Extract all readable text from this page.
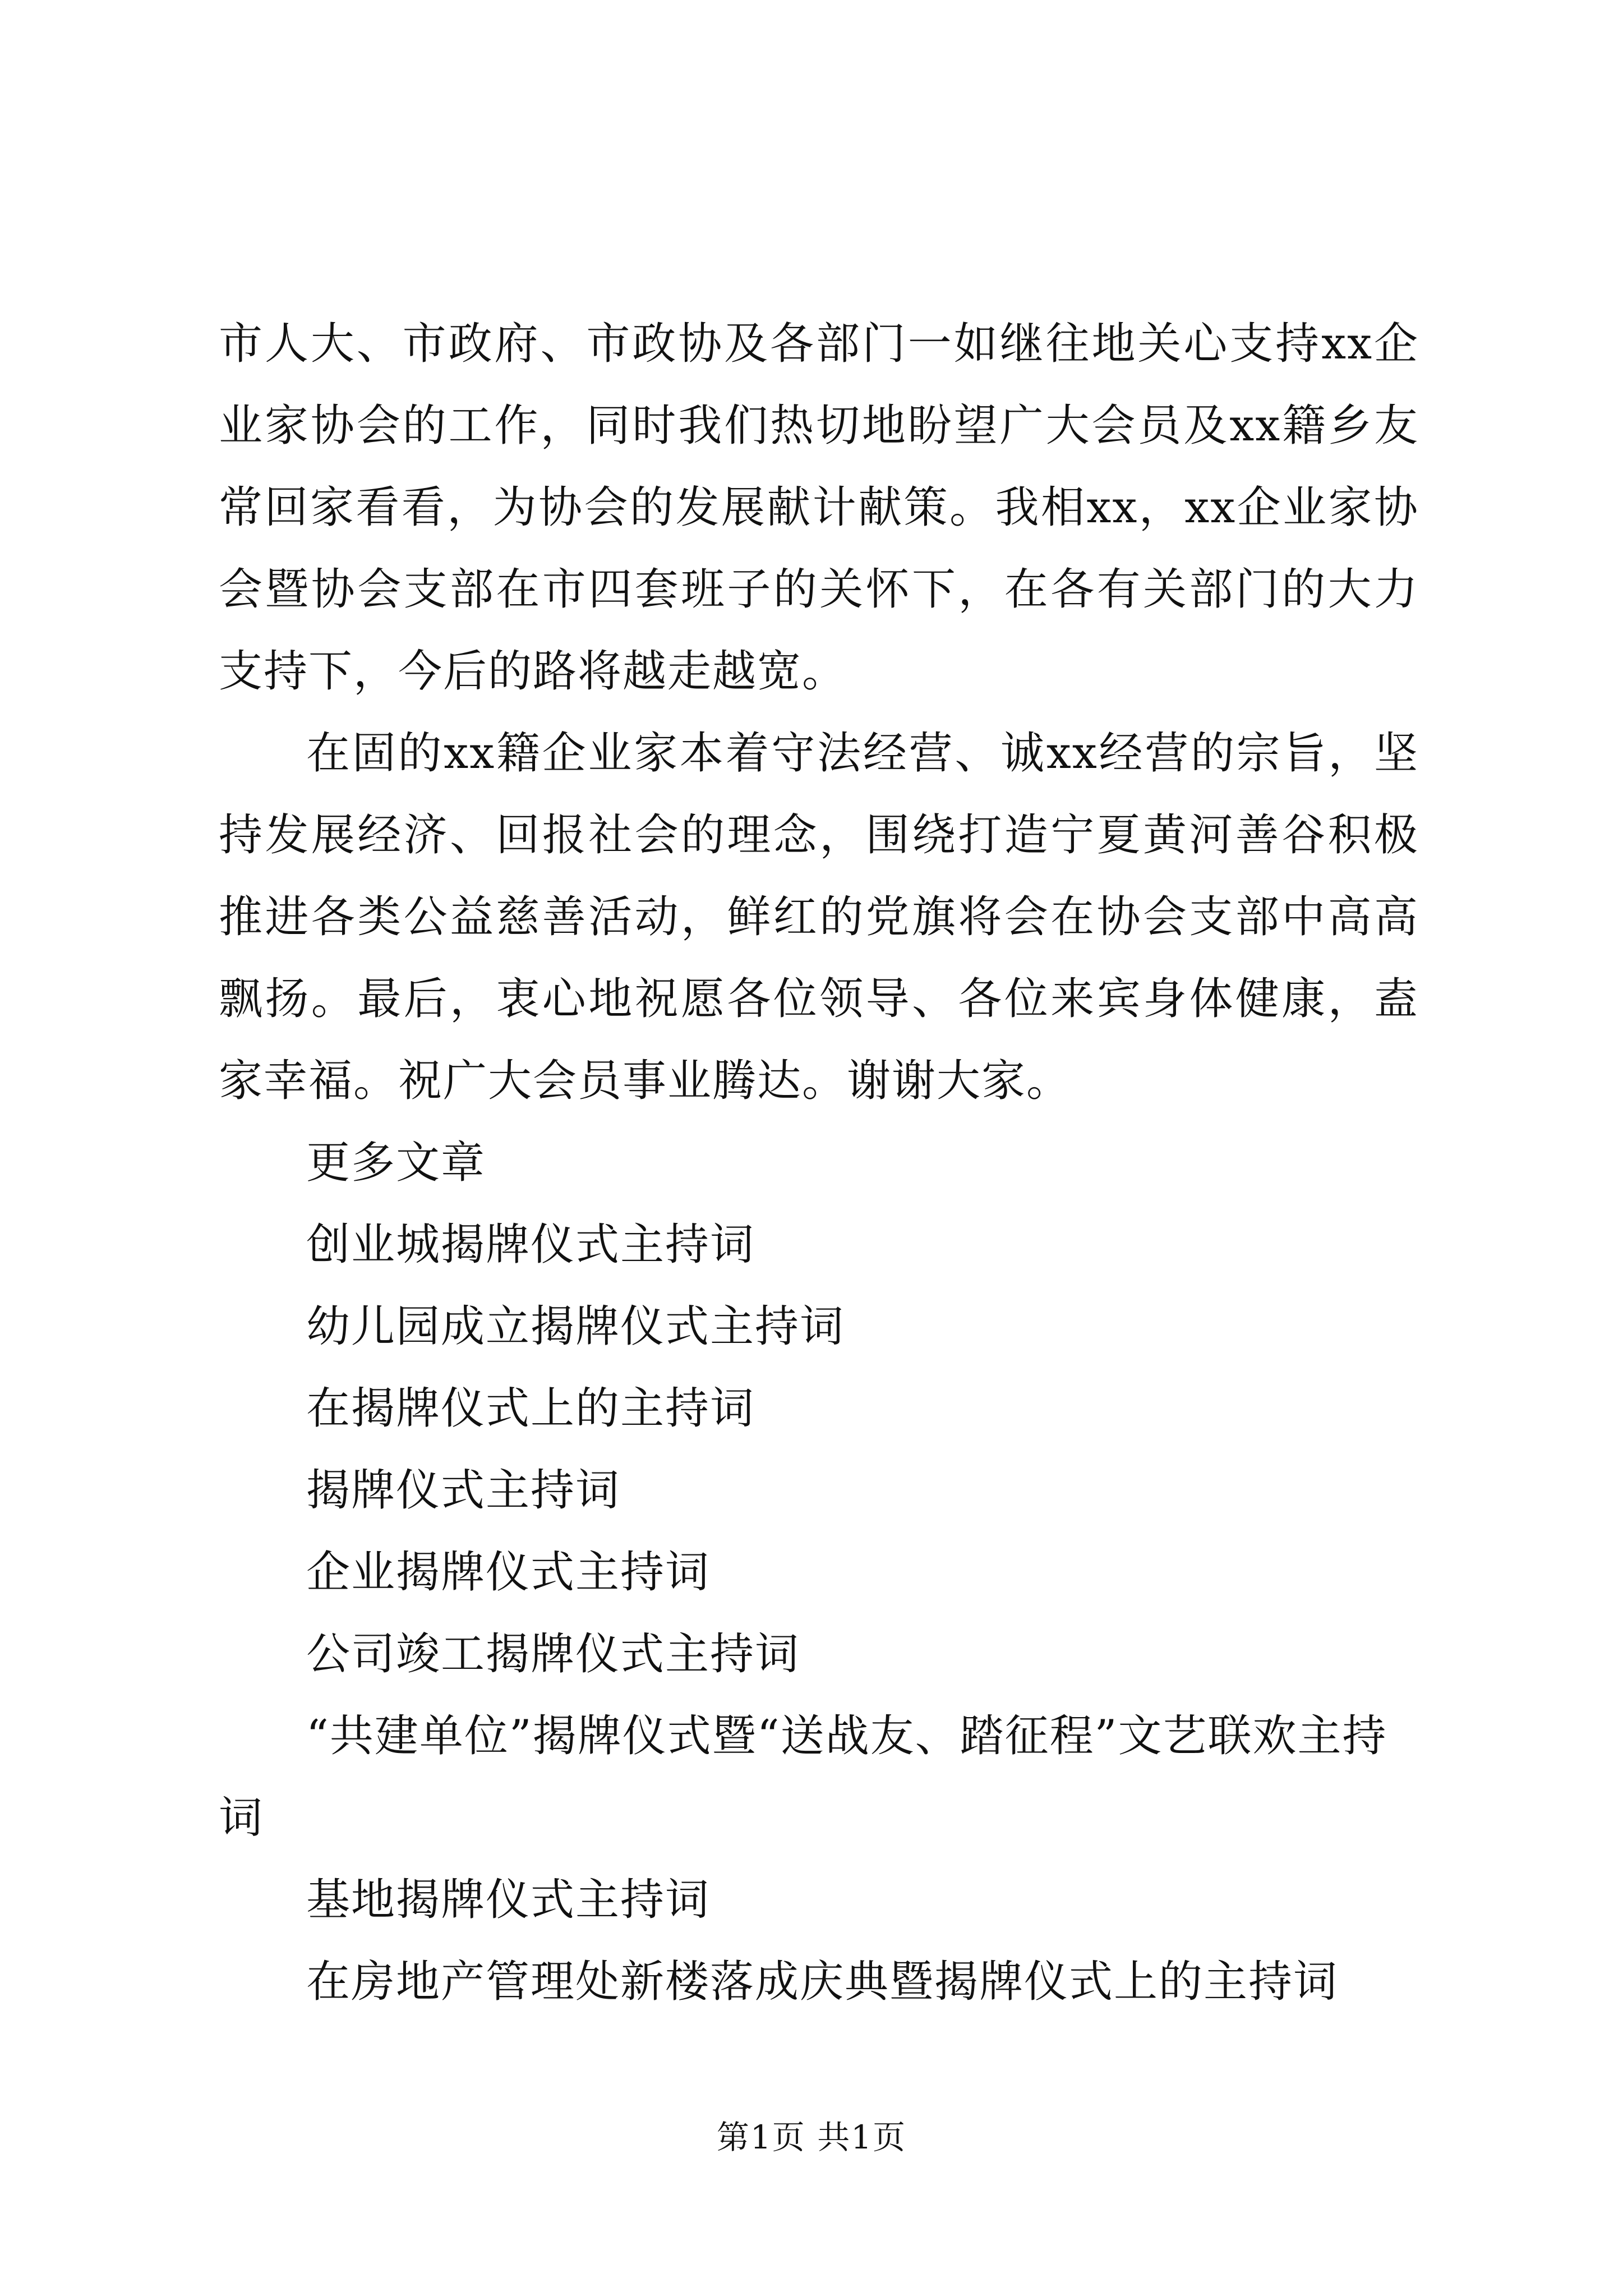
市人大、市政府、市政协及各部门一如继往地关心支持xx企业家协会的工作，同时我们热切地盼望广大会员及xx籍乡友常回家看看，为协会的发展献计献策。我相xx，xx企业家协会暨协会支部在市四套班子的关怀下，在各有关部门的大力支持下，今后的路将越走越宽。

在固的xx籍企业家本着守法经营、诚xx经营的宗旨，坚持发展经济、回报社会的理念，围绕打造宁夏黄河善谷积极推进各类公益慈善活动，鲜红的党旗将会在协会支部中高高飘扬。最后，衷心地祝愿各位领导、各位来宾身体健康，盍家幸福。祝广大会员事业腾达。谢谢大家。

更多文章

创业城揭牌仪式主持词
幼儿园成立揭牌仪式主持词
在揭牌仪式上的主持词
揭牌仪式主持词
企业揭牌仪式主持词
公司竣工揭牌仪式主持词
“共建单位”揭牌仪式暨“送战友、踏征程”文艺联欢主持词
基地揭牌仪式主持词
在房地产管理处新楼落成庆典暨揭牌仪式上的主持词
第1页 共1页
